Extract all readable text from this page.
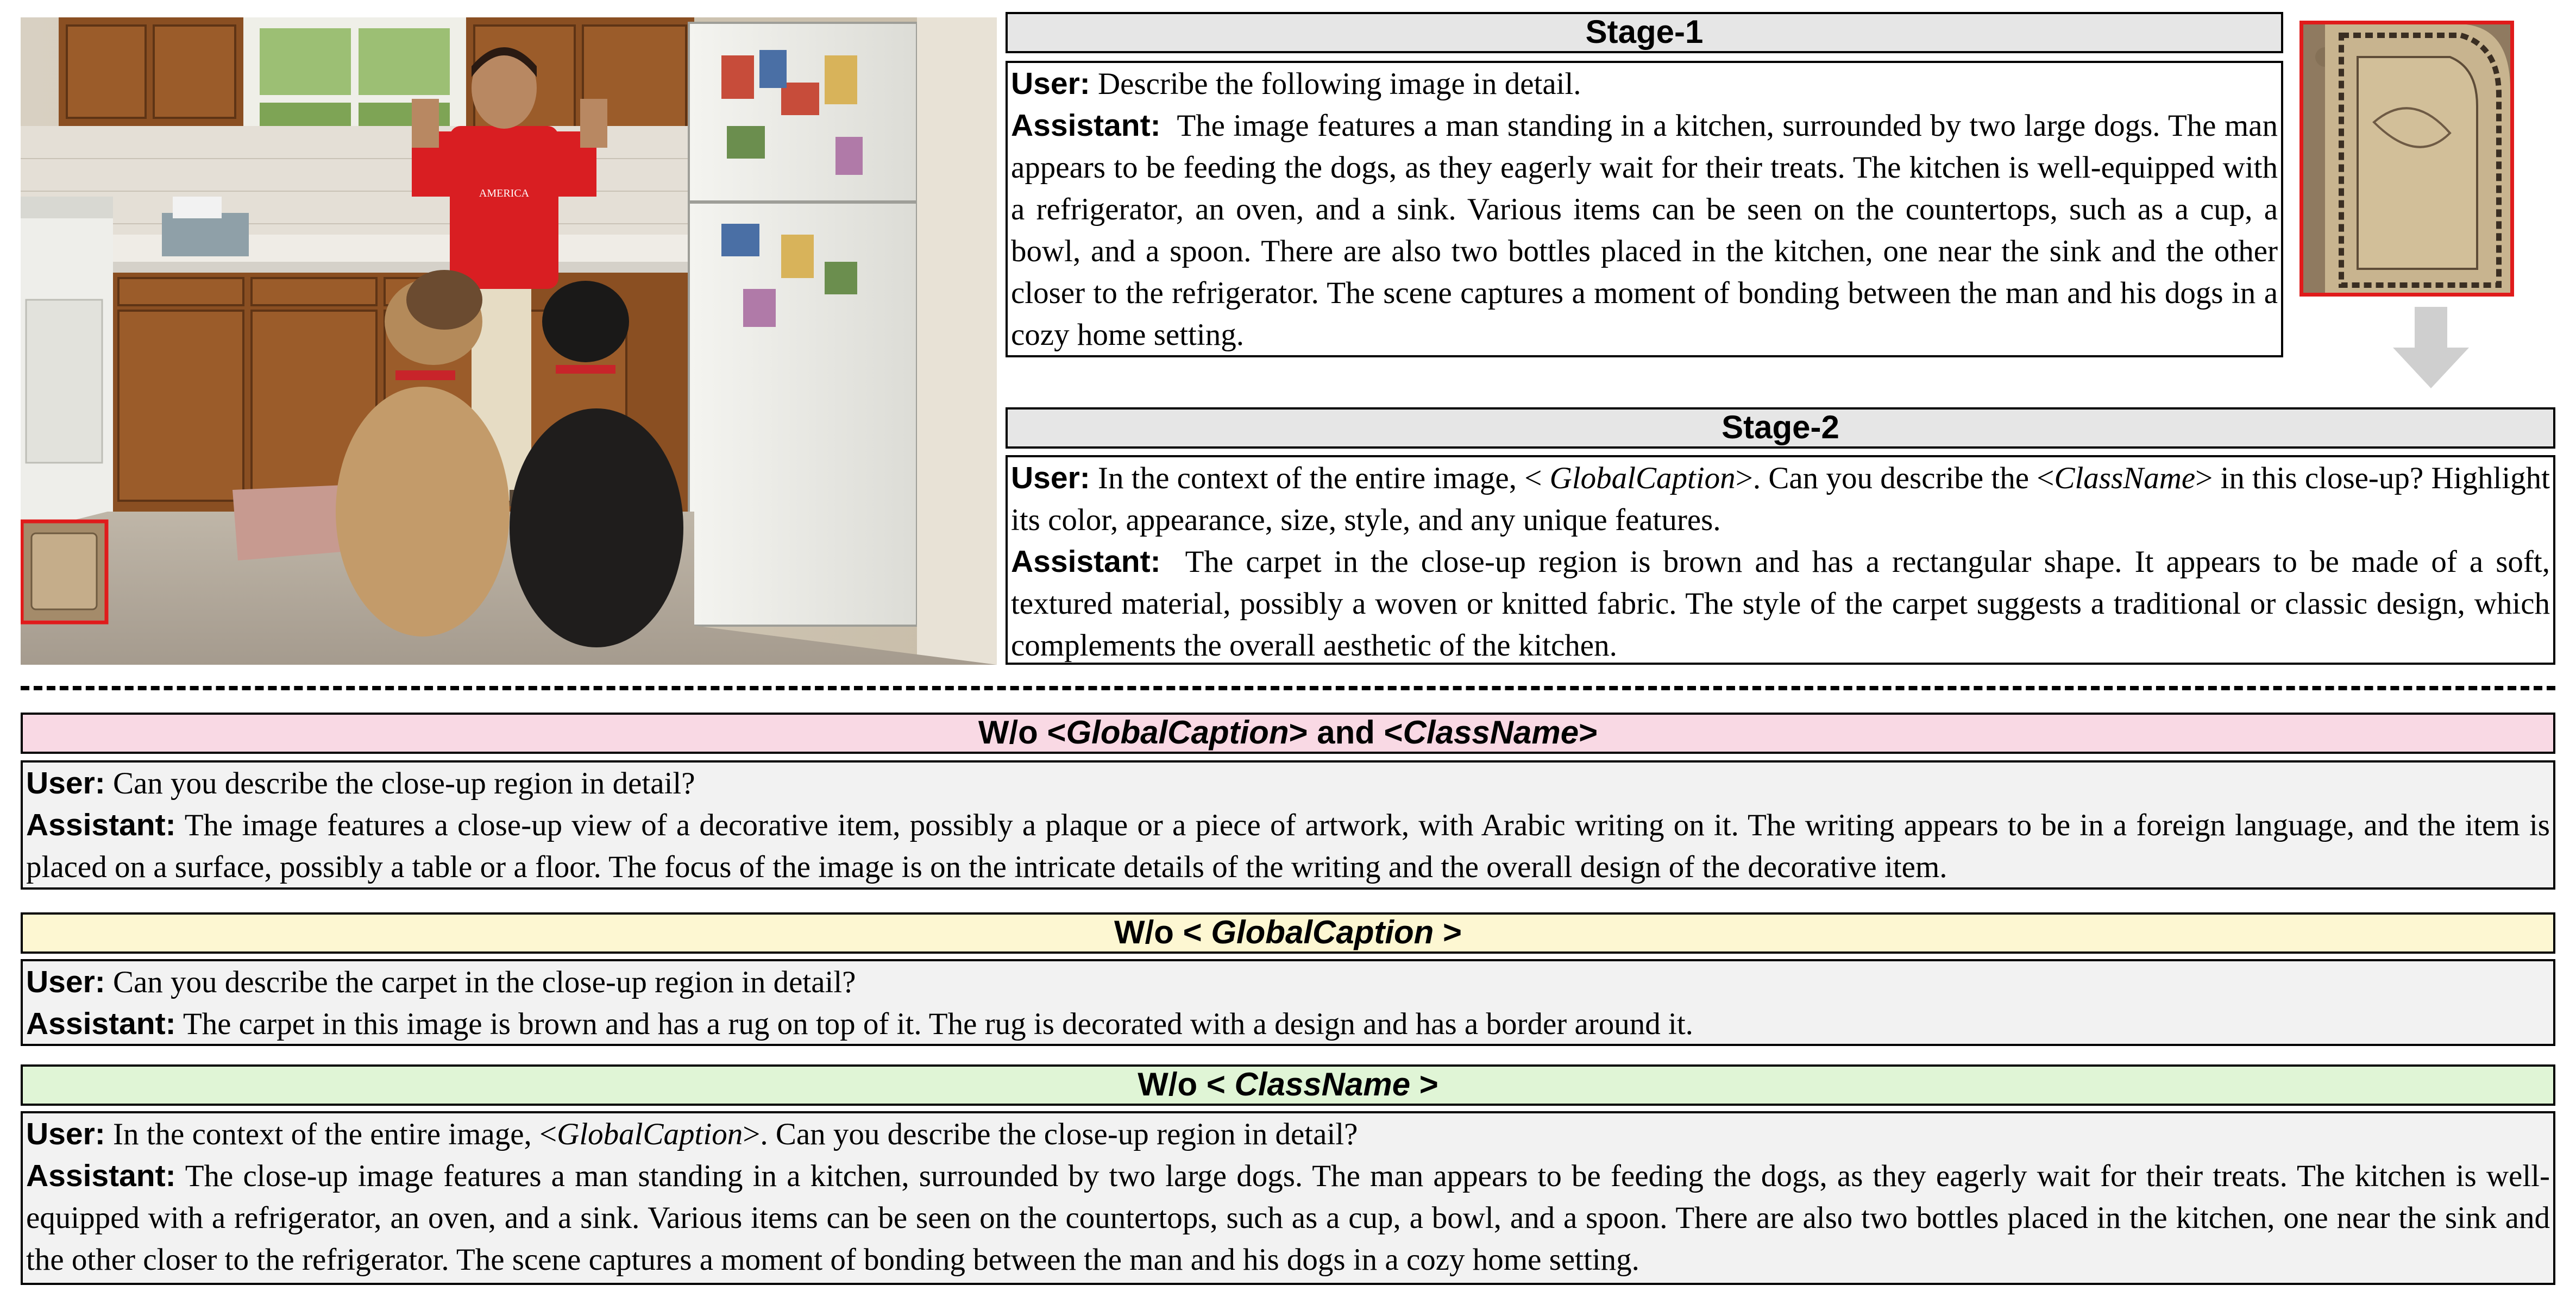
AMERICA
Stage-1
User: Describe the following image in detail.
Assistant: The image features a man standing in a kitchen, surrounded by two large dogs. The man appears to be feeding the dogs, as they eagerly wait for their treats. The kitchen is well-equipped with a refrigerator, an oven, and a sink. Various items can be seen on the countertops, such as a cup, a bowl, and a spoon. There are also two bottles placed in the kitchen, one near the sink and the other closer to the refrigerator. The scene captures a moment of bonding between the man and his dogs in a cozy home setting.
Stage-2
User: In the context of the entire image, < GlobalCaption>. Can you describe the <ClassName> in this close-up? Highlight its color, appearance, size, style, and any unique features.
Assistant: The carpet in the close-up region is brown and has a rectangular shape. It appears to be made of a soft, textured material, possibly a woven or knitted fabric. The style of the carpet suggests a traditional or classic design, which complements the overall aesthetic of the kitchen.
W/o <GlobalCaption> and <ClassName>
User: Can you describe the close-up region in detail?
Assistant: The image features a close-up view of a decorative item, possibly a plaque or a piece of artwork, with Arabic writing on it. The writing appears to be in a foreign language, and the item is placed on a surface, possibly a table or a floor. The focus of the image is on the intricate details of the writing and the overall design of the decorative item.
W/o < GlobalCaption >
User: Can you describe the carpet in the close-up region in detail?
Assistant: The carpet in this image is brown and has a rug on top of it. The rug is decorated with a design and has a border around it.
W/o < ClassName >
User: In the context of the entire image, <GlobalCaption>. Can you describe the close-up region in detail?
Assistant: The close-up image features a man standing in a kitchen, surrounded by two large dogs. The man appears to be feeding the dogs, as they eagerly wait for their treats. The kitchen is well-equipped with a refrigerator, an oven, and a sink. Various items can be seen on the countertops, such as a cup, a bowl, and a spoon. There are also two bottles placed in the kitchen, one near the sink and the other closer to the refrigerator. The scene captures a moment of bonding between the man and his dogs in a cozy home setting.
